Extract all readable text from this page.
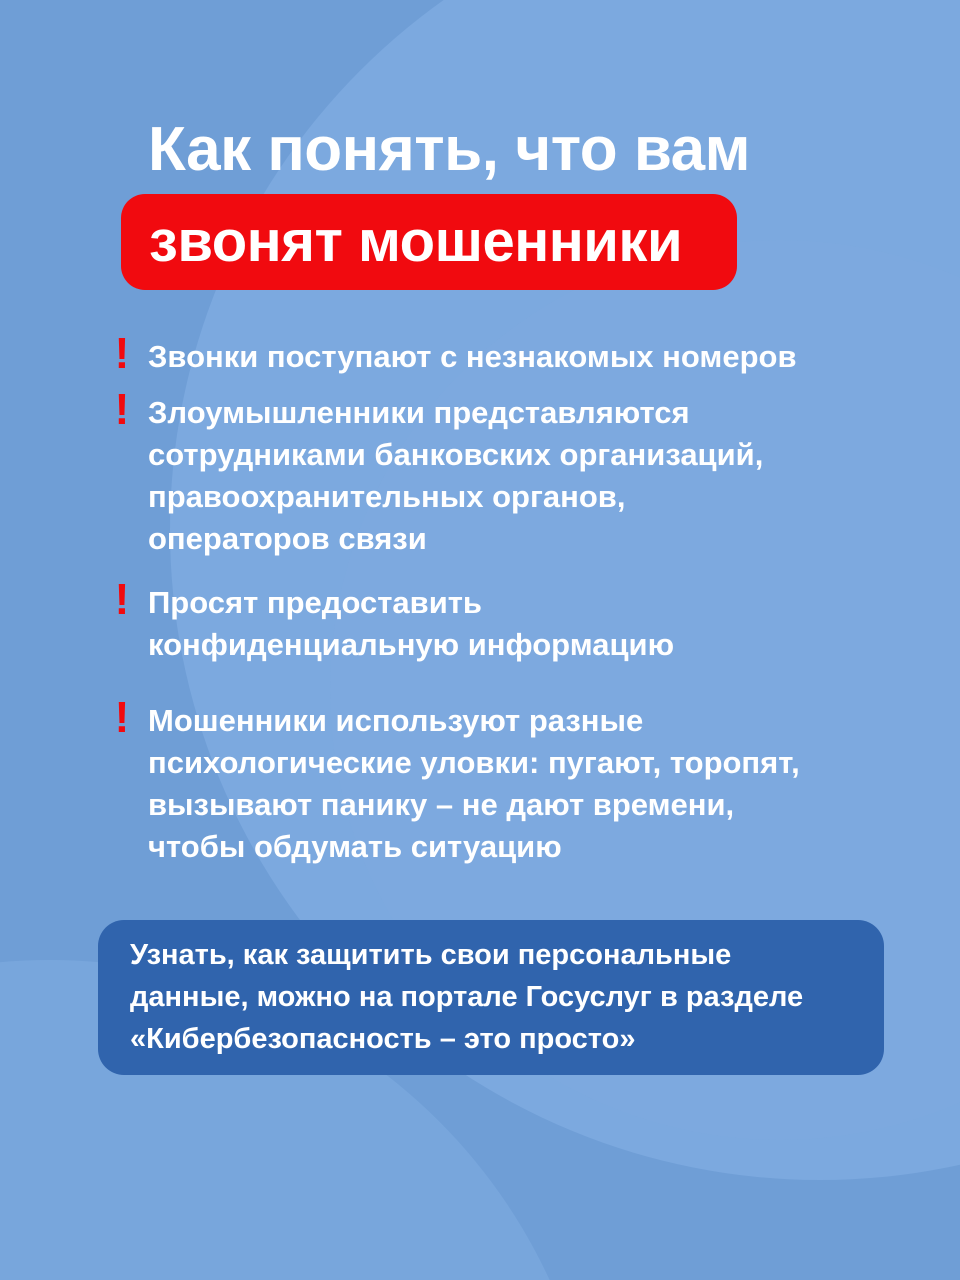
Как понять, что вам
звонят мошенники
! Звонки поступают с незнакомых номеров

! Злоумышленники представляются
сотрудниками банковских организаций,
правоохранительных органов,
операторов связи

! Просят предоставить
конфиденциальную информацию

! Мошенники используют разные
психологические уловки: пугают, торопят,
вызывают панику – не дают времени,
чтобы обдумать ситуацию

Узнать, как защитить свои персональные
данные, можно на портале Госуслуг в разделе
«Кибербезопасность – это просто»
